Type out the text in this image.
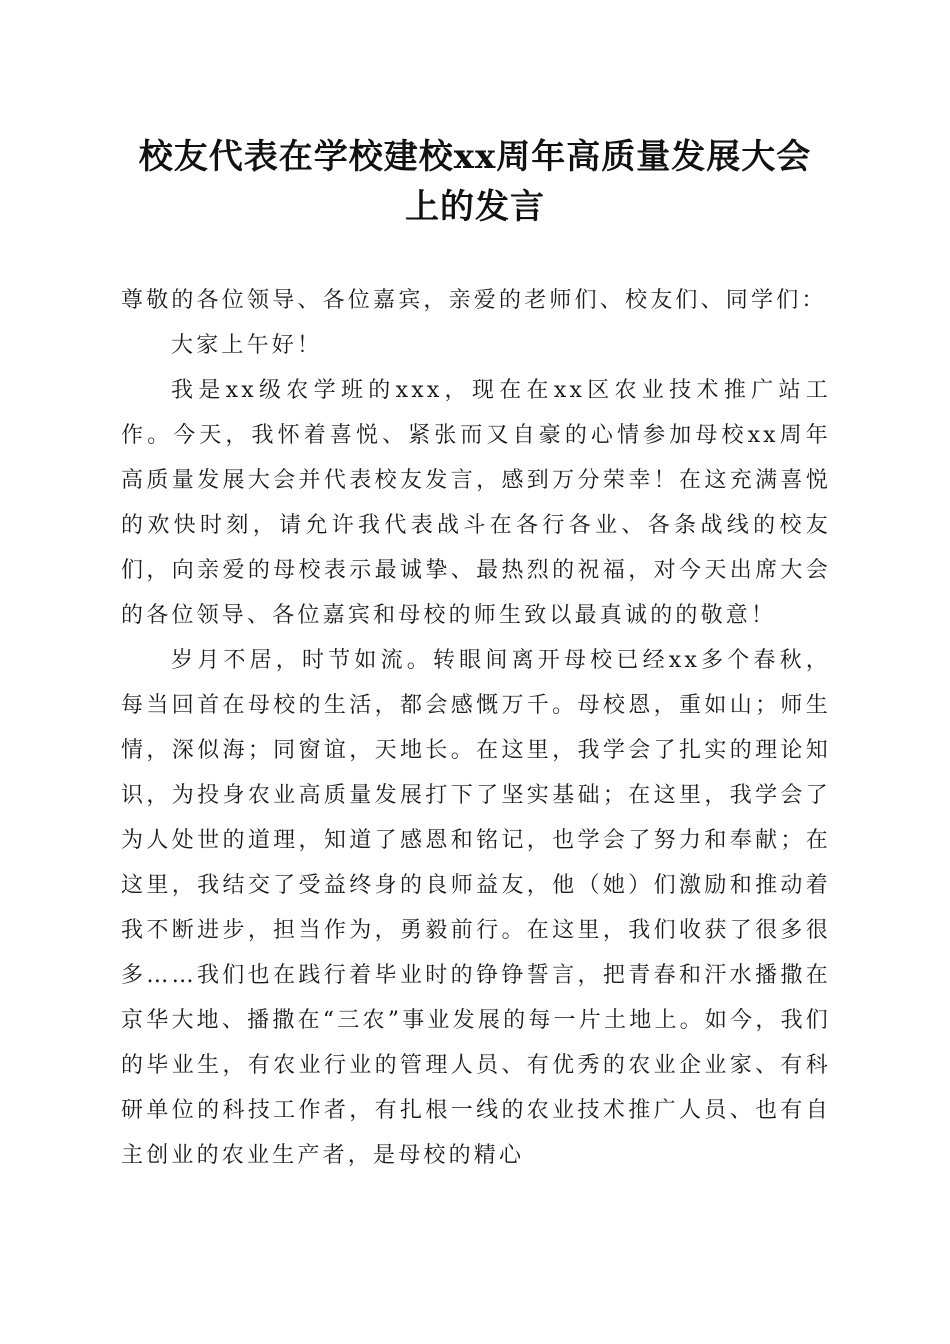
校友代表在学校建校xx周年高质量发展大会
上的发言

尊敬的各位领导、各位嘉宾，亲爱的老师们、校友们、同学们：

大家上午好！

我是xx级农学班的xxx，现在在xx区农业技术推广站工作。今天，我怀着喜悦、紧张而又自豪的心情参加母校xx周年高质量发展大会并代表校友发言，感到万分荣幸！在这充满喜悦的欢快时刻，请允许我代表战斗在各行各业、各条战线的校友们，向亲爱的母校表示最诚挚、最热烈的祝福，对今天出席大会的各位领导、各位嘉宾和母校的师生致以最真诚的的敬意！

岁月不居，时节如流。转眼间离开母校已经xx多个春秋，每当回首在母校的生活，都会感慨万千。母校恩，重如山；师生情，深似海；同窗谊，天地长。在这里，我学会了扎实的理论知识，为投身农业高质量发展打下了坚实基础；在这里，我学会了为人处世的道理，知道了感恩和铭记，也学会了努力和奉献；在这里，我结交了受益终身的良师益友，他（她）们激励和推动着我不断进步，担当作为，勇毅前行。在这里，我们收获了很多很多……我们也在践行着毕业时的铮铮誓言，把青春和汗水播撒在京华大地、播撒在“三农”事业发展的每一片土地上。如今，我们的毕业生，有农业行业的管理人员、有优秀的农业企业家、有科研单位的科技工作者，有扎根一线的农业技术推广人员、也有自主创业的农业生产者，是母校的精心
